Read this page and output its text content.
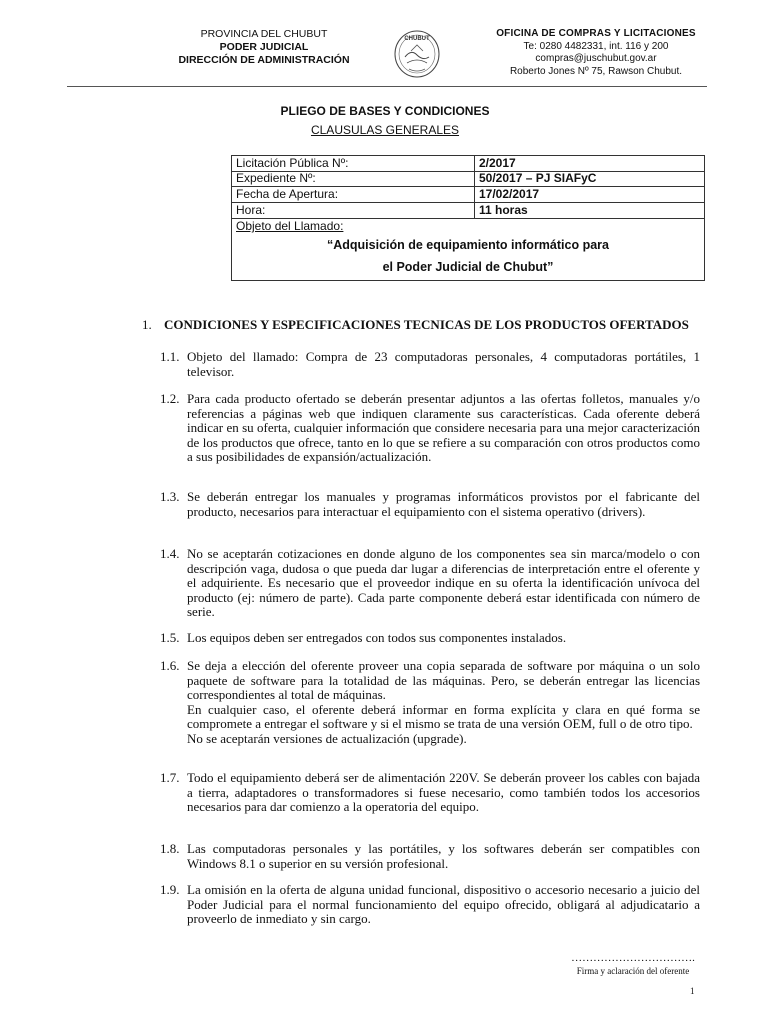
PROVINCIA DEL CHUBUT
PODER JUDICIAL
DIRECCIÓN DE ADMINISTRACIÓN
CHUBUT	OFICINA DE COMPRAS Y LICITACIONES
Te: 0280 4482331, int. 116 y 200
compras@juschubut.gov.ar
Roberto Jones Nº 75, Rawson Chubut.
PLIEGO DE BASES Y CONDICIONES
CLAUSULAS GENERALES
Licitación Pública Nº:	2/2017
Expediente Nº:	50/2017 – PJ SIAFyC
Fecha de Apertura:	17/02/2017
Hora:	11 horas
Objeto del Llamado:
“Adquisición de equipamiento informático para
el Poder Judicial de Chubut”
1. CONDICIONES Y ESPECIFICACIONES TECNICAS DE LOS PRODUCTOS OFERTADOS
1.1. Objeto del llamado: Compra de 23 computadoras personales, 4 computadoras portátiles, 1 televisor.
1.2. Para cada producto ofertado se deberán presentar adjuntos a las ofertas folletos, manuales y/o referencias a páginas web que indiquen claramente sus características. Cada oferente deberá indicar en su oferta, cualquier información que considere necesaria para una mejor caracterización de los productos que ofrece, tanto en lo que se refiere a su comparación con otros productos como a sus posibilidades de expansión/actualización.
1.3. Se deberán entregar los manuales y programas informáticos provistos por el fabricante del producto, necesarios para interactuar el equipamiento con el sistema operativo (drivers).
1.4. No se aceptarán cotizaciones en donde alguno de los componentes sea sin marca/modelo o con descripción vaga, dudosa o que pueda dar lugar a diferencias de interpretación entre el oferente y el adquiriente. Es necesario que el proveedor indique en su oferta la identificación unívoca del producto (ej: número de parte). Cada parte componente deberá estar identificada con número de serie.
1.5. Los equipos deben ser entregados con todos sus componentes instalados.
1.6. Se deja a elección del oferente proveer una copia separada de software por máquina o un solo paquete de software para la totalidad de las máquinas. Pero, se deberán entregar las licencias correspondientes al total de máquinas.

En cualquier caso, el oferente deberá informar en forma explícita y clara en qué forma se compromete a entregar el software y si el mismo se trata de una versión OEM, full o de otro tipo.

No se aceptarán versiones de actualización (upgrade).

1.7. Todo el equipamiento deberá ser de alimentación 220V. Se deberán proveer los cables con bajada a tierra, adaptadores o transformadores si fuese necesario, como también todos los accesorios necesarios para dar comienzo a la operatoria del equipo.
1.8. Las computadoras personales y las portátiles, y los softwares deberán ser compatibles con Windows 8.1 o superior en su versión profesional.
1.9. La omisión en la oferta de alguna unidad funcional, dispositivo o accesorio necesario a juicio del Poder Judicial para el normal funcionamiento del equipo ofrecido, obligará al adjudicatario a proveerlo de inmediato y sin cargo.
…………………………….
Firma y aclaración del oferente
1
